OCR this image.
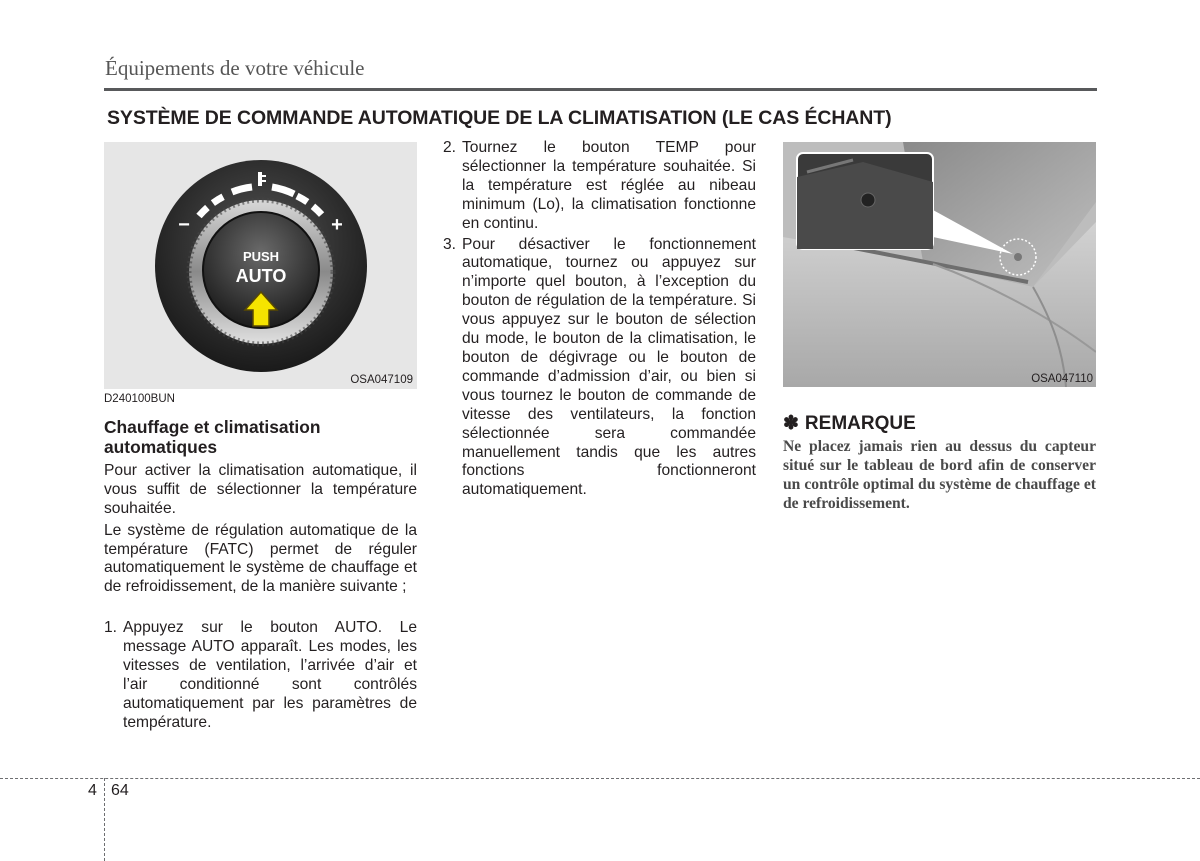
Équipements de votre véhicule
SYSTÈME DE COMMANDE AUTOMATIQUE DE LA CLIMATISATION (LE CAS ÉCHANT)
−	+
PUSH
AUTO
OSA047109	OSA047110
D240100BUN
Chauffage et climatisation automatiques

Pour activer la climatisation automatique, il vous suffit de sélectionner la température souhaitée.

Le système de régulation automatique de la température (FATC) permet de réguler automatiquement le système de chauffage et de refroidissement, de la manière suivante ;

1. Appuyez sur le bouton AUTO. Le message AUTO apparaît. Les modes, les vitesses de ventilation, l’arrivée d’air et l’air conditionné sont contrôlés automatiquement par les paramètres de température.
2. Tournez le bouton TEMP pour sélectionner la température souhaitée. Si la température est réglée au nibeau minimum (Lo), la climatisation fonctionne en continu.
3. Pour désactiver le fonctionnement automatique, tournez ou appuyez sur n’importe quel bouton, à l’exception du bouton de régulation de la température. Si vous appuyez sur le bouton de sélection du mode, le bouton de la climatisation, le bouton de dégivrage ou le bouton de commande d’admission d’air, ou bien si vous tournez le bouton de commande de vitesse des ventilateurs, la fonction sélectionnée sera commandée manuellement tandis que les autres fonctions fonctionneront automatiquement.
✽ REMARQUE
Ne placez jamais rien au dessus du capteur situé sur le tableau de bord afin de conserver un contrôle optimal du système de chauffage et de refroidissement.
4 64
